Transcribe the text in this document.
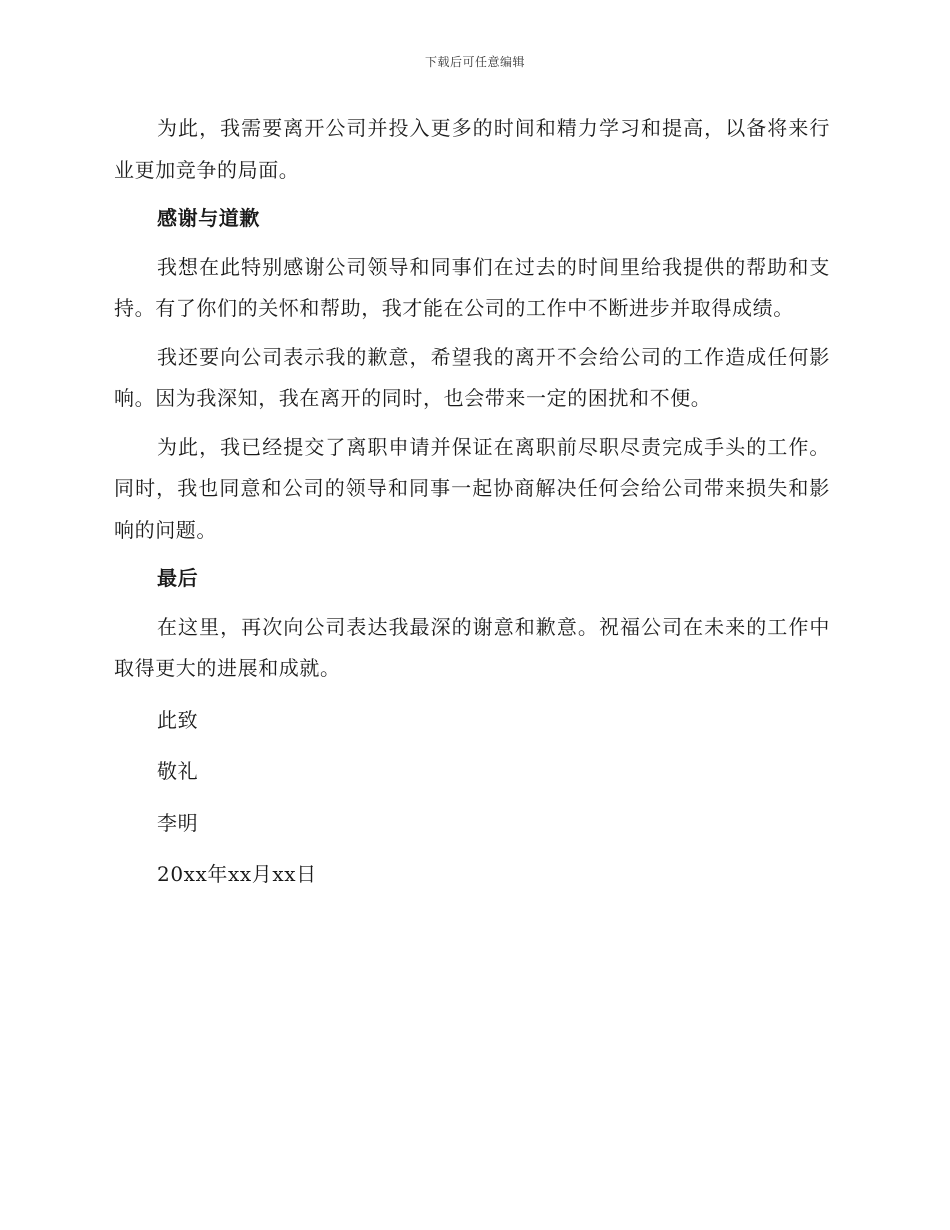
下载后可任意编辑

为此，我需要离开公司并投入更多的时间和精力学习和提高，以备将来行业更加竞争的局面。

感谢与道歉

我想在此特别感谢公司领导和同事们在过去的时间里给我提供的帮助和支持。有了你们的关怀和帮助，我才能在公司的工作中不断进步并取得成绩。

我还要向公司表示我的歉意，希望我的离开不会给公司的工作造成任何影响。因为我深知，我在离开的同时，也会带来一定的困扰和不便。

为此，我已经提交了离职申请并保证在离职前尽职尽责完成手头的工作。同时，我也同意和公司的领导和同事一起协商解决任何会给公司带来损失和影响的问题。

最后

在这里，再次向公司表达我最深的谢意和歉意。祝福公司在未来的工作中取得更大的进展和成就。

此致

敬礼

李明

20xx年xx月xx日
